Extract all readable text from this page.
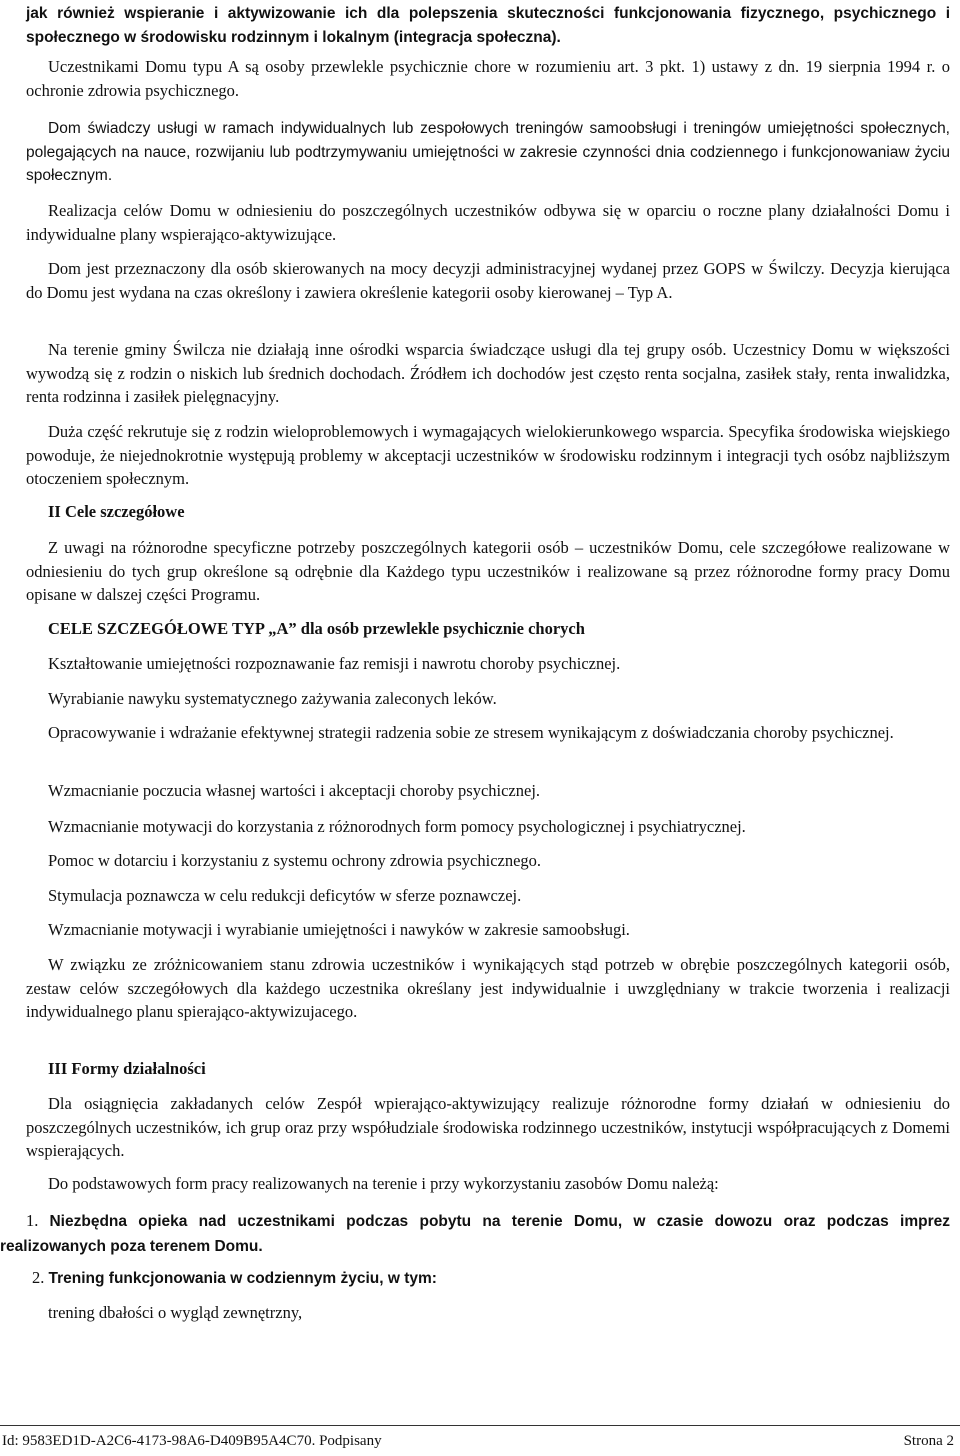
jak również wspieranie i aktywizowanie ich dla polepszenia skuteczności funkcjonowania fizycznego, psychicznego i społecznego w środowisku rodzinnym i lokalnym (integracja społeczna).

Uczestnikami Domu typu A są osoby przewlekle psychicznie chore w rozumieniu art. 3 pkt. 1) ustawy z dn. 19 sierpnia 1994 r. o ochronie zdrowia psychicznego.

Dom świadczy usługi w ramach indywidualnych lub zespołowych treningów samoobsługi i treningów umiejętności społecznych, polegających na nauce, rozwijaniu lub podtrzymywaniu umiejętności w zakresie czynności dnia codziennego i funkcjonowaniaw życiu społecznym.

Realizacja celów Domu w odniesieniu do poszczególnych uczestników odbywa się w oparciu o roczne plany działalności Domu i indywidualne plany wspierająco-aktywizujące.

Dom jest przeznaczony dla osób skierowanych na mocy decyzji administracyjnej wydanej przez GOPS w Świlczy. Decyzja kierująca do Domu jest wydana na czas określony i zawiera określenie kategorii osoby kierowanej – Typ A.

Na terenie gminy Świlcza nie działają inne ośrodki wsparcia świadczące usługi dla tej grupy osób. Uczestnicy Domu w większości wywodzą się z rodzin o niskich lub średnich dochodach. Źródłem ich dochodów jest często renta socjalna, zasiłek stały, renta inwalidzka, renta rodzinna i zasiłek pielęgnacyjny.

Duża część rekrutuje się z rodzin wieloproblemowych i wymagających wielokierunkowego wsparcia. Specyfika środowiska wiejskiego powoduje, że niejednokrotnie występują problemy w akceptacji uczestników w środowisku rodzinnym i integracji tych osóbz najbliższym otoczeniem społecznym.

II Cele szczegółowe

Z uwagi na różnorodne specyficzne potrzeby poszczególnych kategorii osób – uczestników Domu, cele szczegółowe realizowane w odniesieniu do tych grup określone są odrębnie dla Każdego typu uczestników i realizowane są przez różnorodne formy pracy Domu opisane w dalszej części Programu.

CELE SZCZEGÓŁOWE TYP „A” dla osób przewlekle psychicznie chorych

Kształtowanie umiejętności rozpoznawanie faz remisji i nawrotu choroby psychicznej.

Wyrabianie nawyku systematycznego zażywania zaleconych leków.

Opracowywanie i wdrażanie efektywnej strategii radzenia sobie ze stresem wynikającym z doświadczania choroby psychicznej.

Wzmacnianie poczucia własnej wartości i akceptacji choroby psychicznej.

Wzmacnianie motywacji do korzystania z różnorodnych form pomocy psychologicznej i psychiatrycznej.

Pomoc w dotarciu i korzystaniu z systemu ochrony zdrowia psychicznego.

Stymulacja poznawcza w celu redukcji deficytów w sferze poznawczej.

Wzmacnianie motywacji i wyrabianie umiejętności i nawyków w zakresie samoobsługi.

W związku ze zróżnicowaniem stanu zdrowia uczestników i wynikających stąd potrzeb w obrębie poszczególnych kategorii osób, zestaw celów szczegółowych dla każdego uczestnika określany jest indywidualnie i uwzględniany w trakcie tworzenia i realizacji indywidualnego planu spierająco-aktywizujacego.

III Formy działalności

Dla osiągnięcia zakładanych celów Zespół wpierająco-aktywizujący realizuje różnorodne formy działań w odniesieniu do poszczególnych uczestników, ich grup oraz przy współudziale środowiska rodzinnego uczestników, instytucji współpracujących z Domemi wspierających.

Do podstawowych form pracy realizowanych na terenie i przy wykorzystaniu zasobów Domu należą:

1. Niezbędna opieka nad uczestnikami podczas pobytu na terenie Domu, w czasie dowozu oraz podczas imprez realizowanych poza terenem Domu.

2. Trening funkcjonowania w codziennym życiu, w tym:

trening dbałości o wygląd zewnętrzny,

Id: 9583ED1D-A2C6-4173-98A6-D409B95A4C70. Podpisany	Strona 2
